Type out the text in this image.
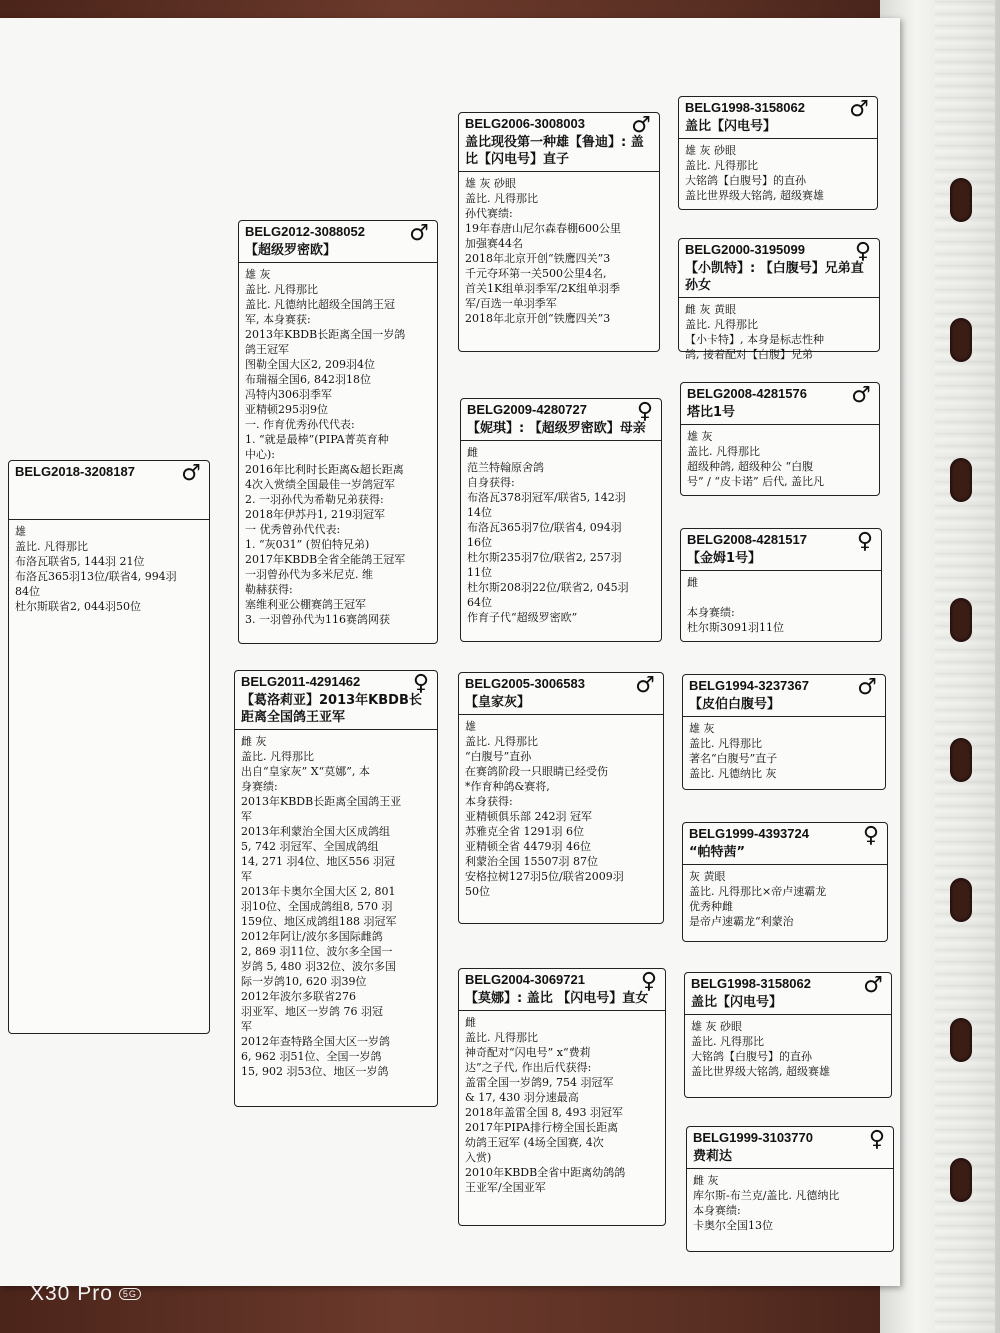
BELG2018-3208187 ♂
雄
盖比. 凡得那比
布洛瓦联省5, 144羽 21位
布洛瓦365羽13位/联省4, 994羽
84位
杜尔斯联省2, 044羽50位
BELG2012-3088052 ♂
【超级罗密欧】
雄 灰
盖比. 凡得那比
盖比. 凡德纳比超级全国鸽王冠
军, 本身赛获:
2013年KBDB长距离全国一岁鸽
鸽王冠军
图勒全国大区2, 209羽4位
布瑞福全国6, 842羽18位
冯特内306羽季军
亚精顿295羽9位
一. 作育优秀孙代代表:
1. “就是最棒”(PIPA菁英育种
中心):
2016年比利时长距离&超长距离
4次入赏绩全国最佳一岁鸽冠军
2. 一羽孙代为希勒兄弟获得:
2018年伊苏丹1, 219羽冠军
一 优秀曾孙代代表:
1. “灰031” (贺伯特兄弟)
2017年KBDB全省全能鸽王冠军
一羽曾孙代为多米尼克. 维
勒赫获得:
塞维利亚公棚赛鸽王冠军
3. 一羽曾孙代为116赛鸽网获
BELG2011-4291462 ♀
【葛洛莉亚】2013年KBDB长距离全国鸽王亚军
雌 灰
盖比. 凡得那比
出自“皇家灰” X“莫娜”, 本
身赛绩:
2013年KBDB长距离全国鸽王亚
军
2013年利蒙治全国大区成鸽组
5, 742 羽冠军、全国成鸽组
14, 271 羽4位、地区556 羽冠
军
2013年卡奥尔全国大区 2, 801
羽10位、全国成鸽组8, 570 羽
159位、地区成鸽组188 羽冠军
2012年阿让/波尔多国际雌鸽
2, 869 羽11位、波尔多全国一
岁鸽 5, 480 羽32位、波尔多国
际一岁鸽10, 620 羽39位
2012年波尔多联省276
羽亚军、地区一岁鸽 76 羽冠
军
2012年查特路全国大区一岁鸽
6, 962 羽51位、全国一岁鸽
15, 902 羽53位、地区一岁鸽
BELG2006-3008003 ♂
盖比现役第一种雄【鲁迪】: 盖比【闪电号】直子
雄 灰 砂眼
盖比. 凡得那比
孙代赛绩:
19年春唐山尼尔森春棚600公里
加强赛44名
2018年北京开创“铁鹰四关”3
千元夺环第一关500公里4名,
首关1K组单羽季军/2K组单羽季
军/百选一单羽季军
2018年北京开创“铁鹰四关”3
BELG2009-4280727 ♀
【妮琪】: 【超级罗密欧】母亲
雌
范兰特翰原舍鸽
自身获得:
布洛瓦378羽冠军/联省5, 142羽
14位
布洛瓦365羽7位/联省4, 094羽
16位
杜尔斯235羽7位/联省2, 257羽
11位
杜尔斯208羽22位/联省2, 045羽
64位
作育子代“超级罗密欧”
BELG2005-3006583 ♂
【皇家灰】
雄
盖比. 凡得那比
“白腹号”直孙
在赛鸽阶段一只眼睛已经受伤
*作育种鸽&赛将,
本身获得:
亚精顿俱乐部 242羽 冠军
苏雅克全省 1291羽 6位
亚精顿全省 4479羽 46位
利蒙治全国 15507羽 87位
安格拉树127羽5位/联省2009羽
50位
BELG2004-3069721	♀
【莫娜】: 盖比 【闪电号】直女
雌
盖比. 凡得那比
神奇配对“闪电号” x“费莉
达”之子代, 作出后代获得:
盖雷全国一岁鸽9, 754 羽冠军
& 17, 430 羽分速最高
2018年盖雷全国 8, 493 羽冠军
2017年PIPA排行榜全国长距离
幼鸽王冠军 (4场全国赛, 4次
入赏)
2010年KBDB全省中距离幼鸽鸽
王亚军/全国亚军
BELG1998-3158062 ♂
盖比【闪电号】
雄 灰 砂眼
盖比. 凡得那比
大铭鸽【白腹号】的直孙
盖比世界级大铭鸽, 超级赛雄
BELG2000-3195099 ♀
【小凯特】: 【白腹号】兄弟直孙女
雌 灰 黄眼
盖比. 凡得那比
【小卡特】, 本身是标志性种
鸽, 接着配对【白腹】兄弟
BELG2008-4281576 ♂
塔比1号
雄 灰
盖比. 凡得那比
超级种鸽, 超级种公 “白腹
号” / “皮卡诺” 后代, 盖比凡
BELG2008-4281517 ♀
【金姆1号】
雌

本身赛绩:
杜尔斯3091羽11位
BELG1994-3237367 ♂
【皮伯白腹号】
雄 灰
盖比. 凡得那比
著名“白腹号”直子
盖比. 凡德纳比 灰
BELG1999-4393724 ♀
“帕特茜”
灰 黄眼
盖比. 凡得那比×帝卢速霸龙
优秀种雌
是帝卢速霸龙“利蒙治
BELG1998-3158062 ♂
盖比【闪电号】
雄 灰 砂眼
盖比. 凡得那比
大铭鸽【白腹号】的直孙
盖比世界级大铭鸽, 超级赛雄
BELG1999-3103770	♀
费莉达
雌 灰
库尔斯-布兰克/盖比. 凡德纳比
本身赛绩:
卡奥尔全国13位
X30 Pro 5G
